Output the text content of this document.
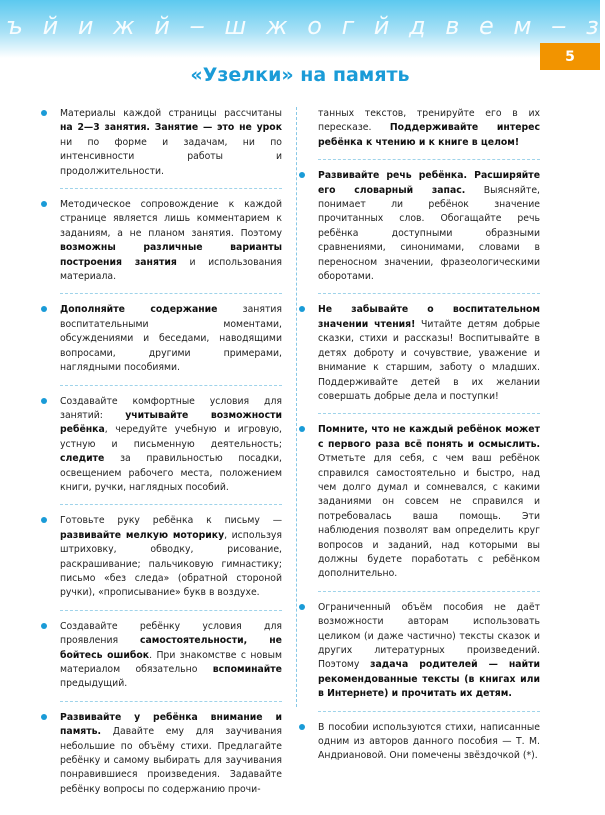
ъ й и ж й ‒ ш ж о г й д в е м ‒ з
5
«Узелки» на память

Материалы каждой страницы рассчитаны на 2—3 занятия. Занятие — это не урок ни по форме и задачам, ни по интенсивности работы и продолжительности.

Методическое сопровождение к каждой странице является лишь комментарием к заданиям, а не планом занятия. Поэтому возможны различные варианты построения занятия и использования материала.

Дополняйте содержание занятия воспитательными моментами, обсуждениями и беседами, наводящими вопросами, другими примерами, наглядными пособиями.

Создавайте комфортные условия для занятий: учитывайте возможности ребёнка, чередуйте учебную и игровую, устную и письменную деятельность; следите за правильностью посадки, освещением рабочего места, положением книги, ручки, наглядных пособий.

Готовьте руку ребёнка к письму — развивайте мелкую моторику, используя штриховку, обводку, рисование, раскрашивание; пальчиковую гимнастику; письмо «без следа» (обратной стороной ручки), «прописывание» букв в воздухе.

Создавайте ребёнку условия для проявления самостоятельности, не бойтесь ошибок. При знакомстве с новым материалом обязательно вспоминайте предыдущий.

Развивайте у ребёнка внимание и память. Давайте ему для заучивания небольшие по объёму стихи. Предлагайте ребёнку и самому выбирать для заучивания понравившиеся произведения. Задавайте ребёнку вопросы по содержанию прочи-

танных текстов, тренируйте его в их пересказе. Поддерживайте интерес ребёнка к чтению и к книге в целом!

Развивайте речь ребёнка. Расширяйте его словарный запас. Выясняйте, понимает ли ребёнок значение прочитанных слов. Обогащайте речь ребёнка доступными образными сравнениями, синонимами, словами в переносном значении, фразеологическими оборотами.

Не забывайте о воспитательном значении чтения! Читайте детям добрые сказки, стихи и рассказы! Воспитывайте в детях доброту и сочувствие, уважение и внимание к старшим, заботу о младших. Поддерживайте детей в их желании совершать добрые дела и поступки!

Помните, что не каждый ребёнок может с первого раза всё понять и осмыслить. Отметьте для себя, с чем ваш ребёнок справился самостоятельно и быстро, над чем долго думал и сомневался, с какими заданиями он совсем не справился и потребовалась ваша помощь. Эти наблюдения позволят вам определить круг вопросов и заданий, над которыми вы должны будете поработать с ребёнком дополнительно.

Ограниченный объём пособия не даёт возможности авторам использовать целиком (и даже частично) тексты сказок и других литературных произведений. Поэтому задача родителей — найти рекомендованные тексты (в книгах или в Интернете) и прочитать их детям.

В пособии используются стихи, написанные одним из авторов данного пособия — Т. М. Андриановой. Они помечены звёздочкой (*).
